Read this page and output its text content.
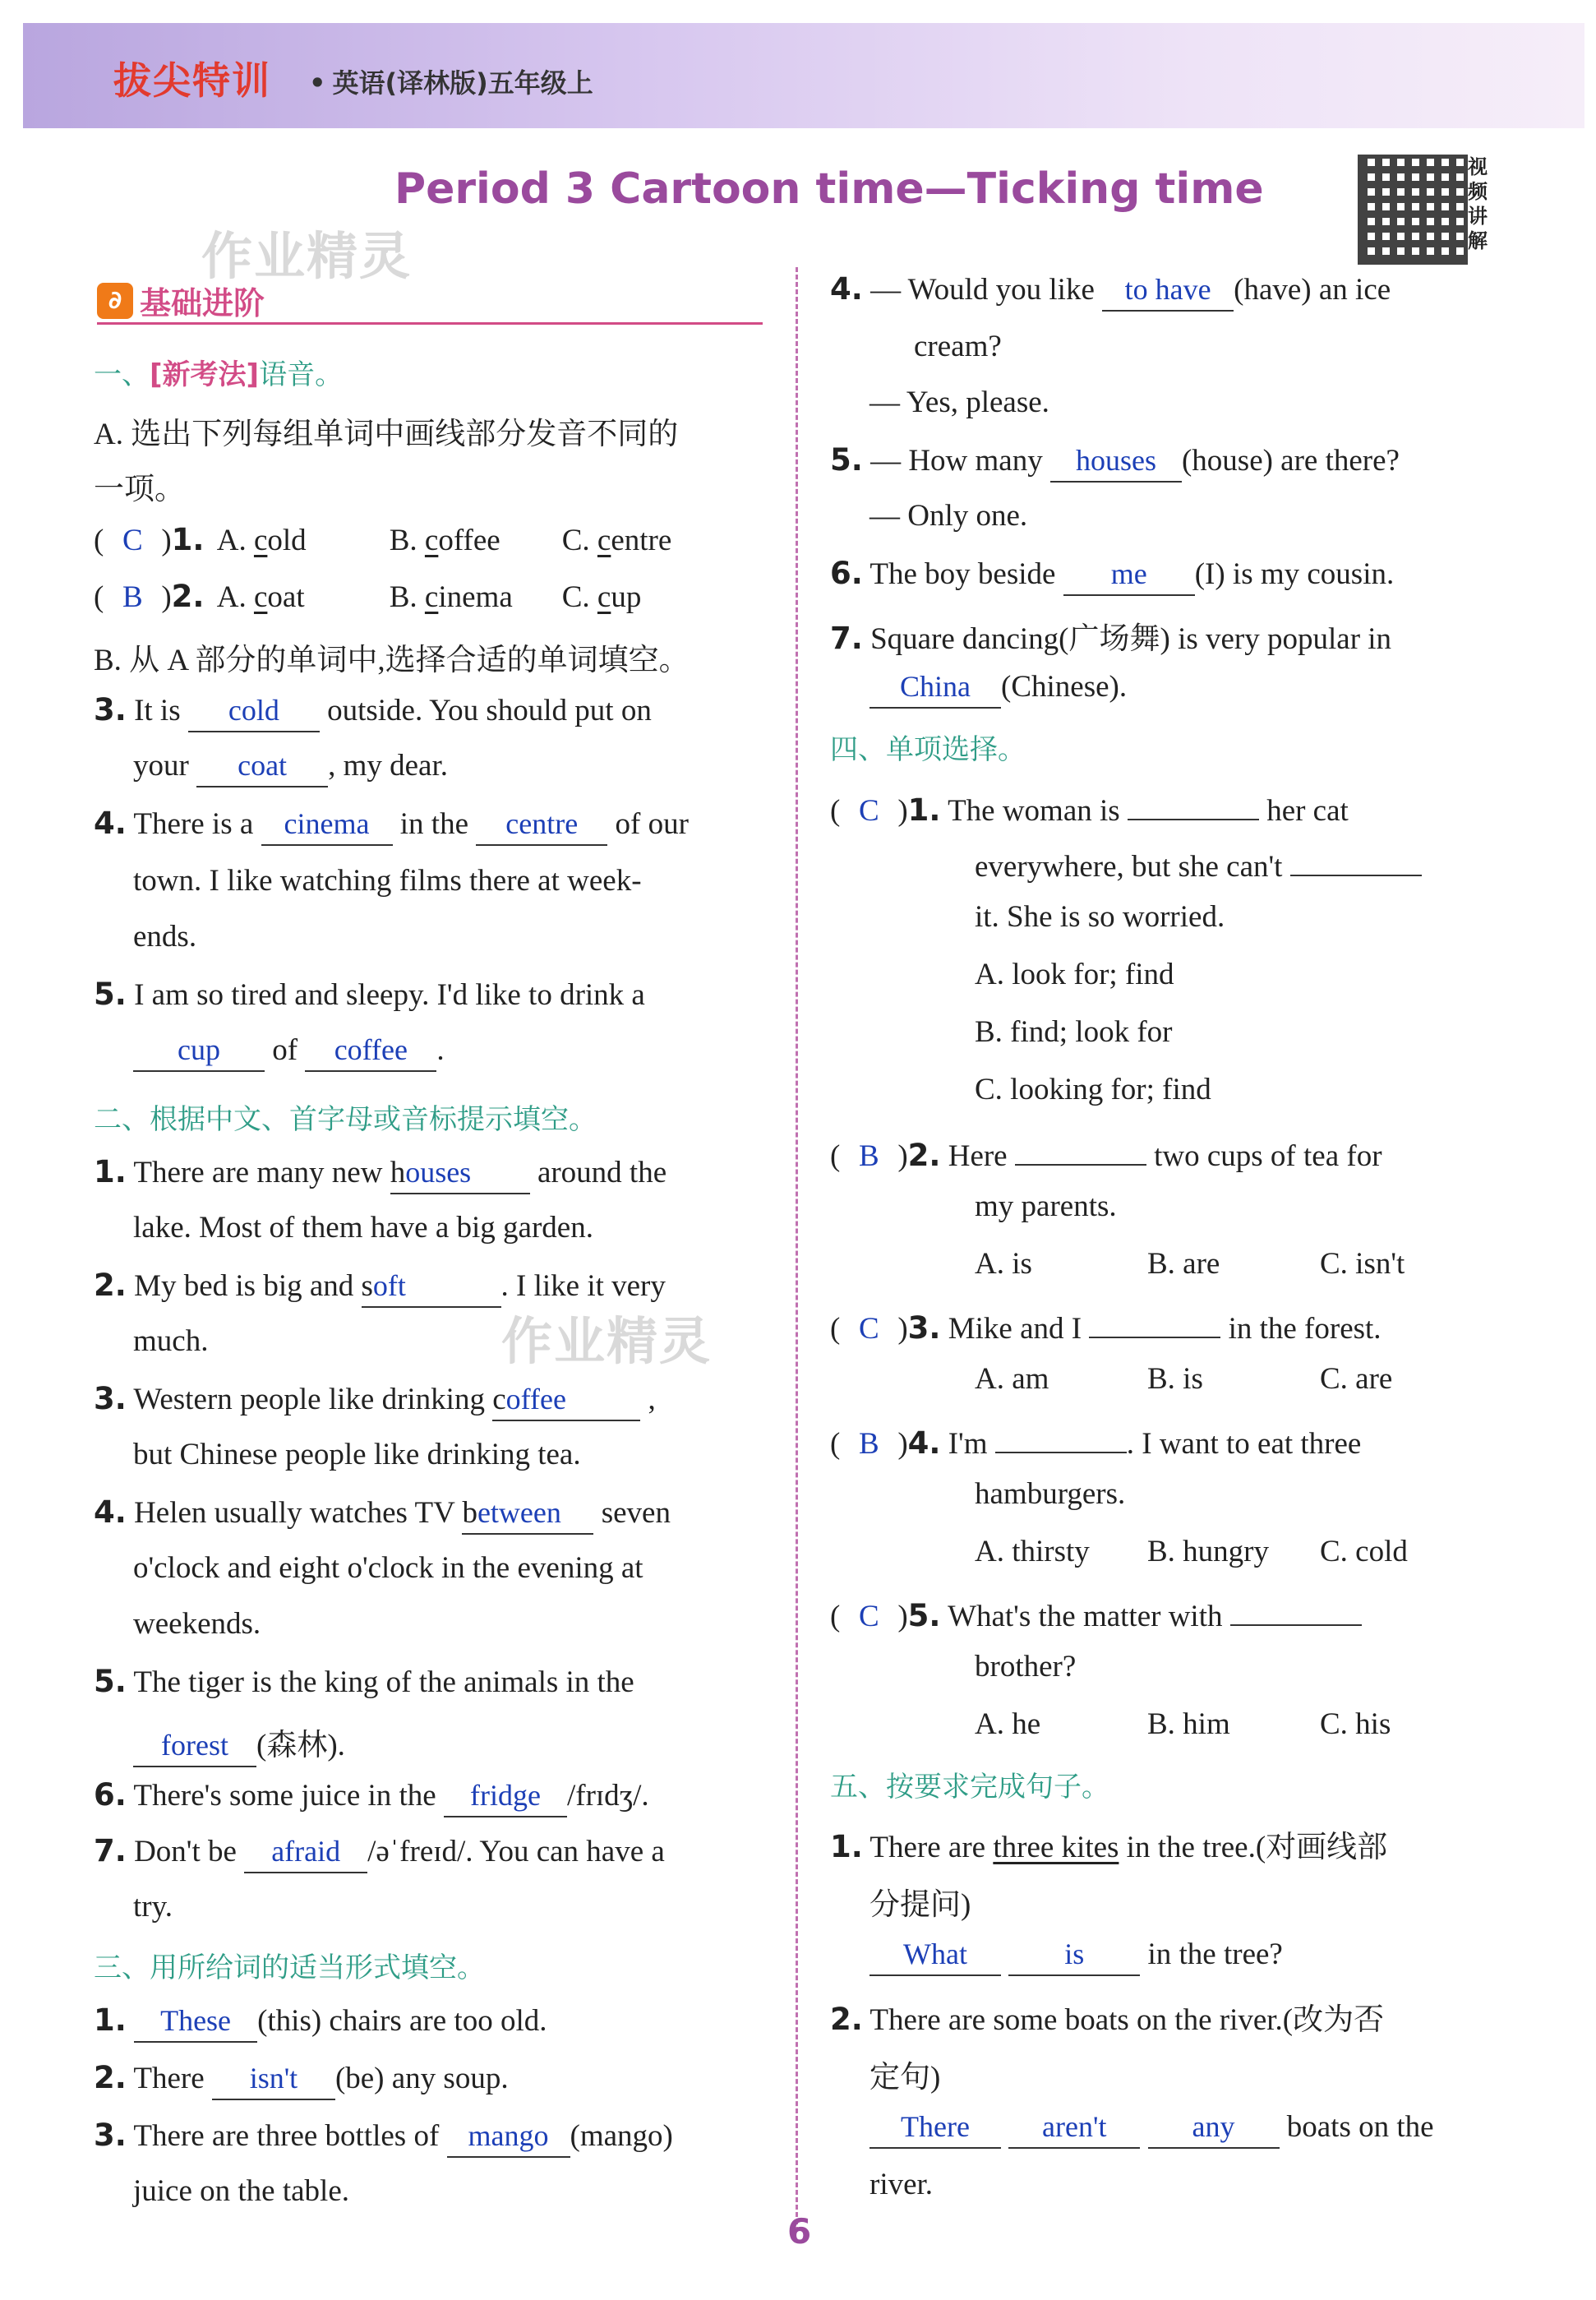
拔尖特训 • 英语(译林版)五年级上
Period 3 Cartoon time—Ticking time	视频讲解
作业精灵
作业精灵
∂ 基础进阶
一、[新考法]语音。
A. 选出下列每组单词中画线部分发音不同的
一项。
( C )1. A. cold	B. coffee C. centre
( B )2. A. coat	B. cinema C. cup
B. 从 A 部分的单词中,选择合适的单词填空。
3. It is cold outside. You should put on
your coat , my dear.
4. There is a cinema in the centre of our
town. I like watching films there at week-
ends.
5. I am so tired and sleepy. I'd like to drink a
cup of coffee .
二、根据中文、首字母或音标提示填空。
1. There are many new houses around the
lake. Most of them have a big garden.
2. My bed is big and soft	. I like it very
much.
3. Western people like drinking coffee	,
but Chinese people like drinking tea.
4. Helen usually watches TV between seven
o'clock and eight o'clock in the evening at
weekends.
5. The tiger is the king of the animals in the
forest (森林).
6. There's some juice in the fridge /frɪdʒ/.
7. Don't be afraid /əˈfreɪd/. You can have a
try.
三、用所给词的适当形式填空。
1. These (this) chairs are too old.
2. There isn't (be) any soup.
3. There are three bottles of mango (mango)
juice on the table.
4. — Would you like to have (have) an ice
cream?
— Yes, please.
5. — How many houses (house) are there?
— Only one.
6. The boy beside me (I) is my cousin.
7. Square dancing(广场舞) is very popular in
China (Chinese).
四、单项选择。
( C )1. The woman is	her cat
everywhere, but she can't
it. She is so worried.
A. look for; find
B. find; look for
C. looking for; find
( B )2. Here	two cups of tea for
my parents.
A. is	B. are	C. isn't
( C )3. Mike and I	in the forest.
A. am	B. is	C. are
( B )4. I'm	. I want to eat three
hamburgers.
A. thirsty B. hungry C. cold
( C )5. What's the matter with
brother?
A. he	B. him	C. his
五、按要求完成句子。
1. There are three kites in the tree.(对画线部
分提问)
What	is in the tree?
2. There are some boats on the river.(改为否
定句)
There aren't	any boats on the
river.
6
